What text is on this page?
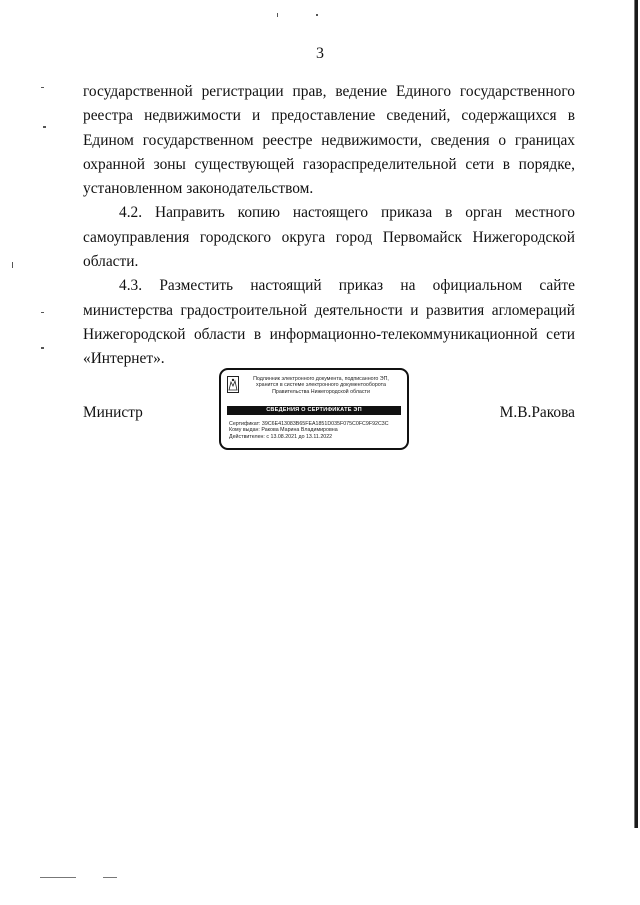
3

государственной регистрации прав, ведение Единого государственного реестра недвижимости и предоставление сведений, содержащихся в Едином государственном реестре недвижимости, сведения о границах охранной зоны существующей газораспределительной сети в порядке, установленном законодательством.

4.2. Направить копию настоящего приказа в орган местного самоуправления городского округа город Первомайск Нижегородской области.

4.3. Разместить настоящий приказ на официальном сайте министерства градостроительной деятельности и развития агломераций Нижегородской области в информационно-телекоммуникационной сети «Интернет».

Министр	М.В.Ракова
Подлинник электронного документа, подписанного ЭП,
хранится в системе электронного документооборота
Правительства Нижегородской области
СВЕДЕНИЯ О СЕРТИФИКАТЕ ЭП
Сертификат: 39C6E413083B65FEA1851D035F075C0FC9F92C3C
Кому выдан: Ракова Марина Владимировна
Действителен: с 13.08.2021 до 13.11.2022
